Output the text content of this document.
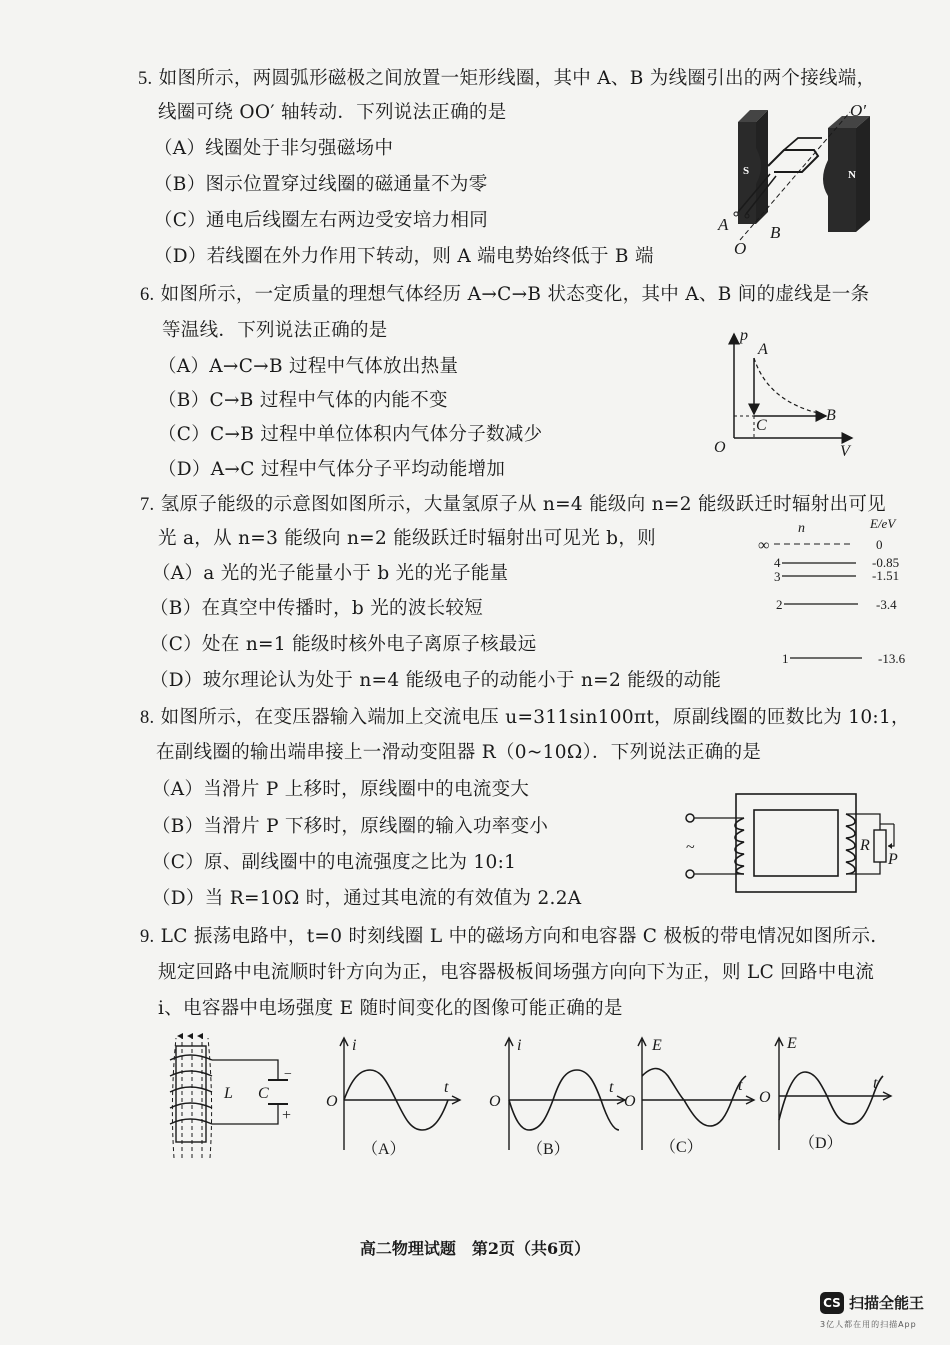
5. 如图所示，两圆弧形磁极之间放置一矩形线圈，其中 A、B 为线圈引出的两个接线端，
线圈可绕 OO′ 轴转动．下列说法正确的是
（A）线圈处于非匀强磁场中
（B）图示位置穿过线圈的磁通量不为零
（C）通电后线圈左右两边受安培力相同
（D）若线圈在外力作用下转动，则 A 端电势始终低于 B 端
6. 如图所示，一定质量的理想气体经历 A→C→B 状态变化，其中 A、B 间的虚线是一条
等温线．下列说法正确的是
（A）A→C→B 过程中气体放出热量
（B）C→B 过程中气体的内能不变
（C）C→B 过程中单位体积内气体分子数减少
（D）A→C 过程中气体分子平均动能增加
7. 氢原子能级的示意图如图所示，大量氢原子从 n=4 能级向 n=2 能级跃迁时辐射出可见
光 a，从 n=3 能级向 n=2 能级跃迁时辐射出可见光 b，则
（A）a 光的光子能量小于 b 光的光子能量
（B）在真空中传播时，b 光的波长较短
（C）处在 n=1 能级时核外电子离原子核最远
（D）玻尔理论认为处于 n=4 能级电子的动能小于 n=2 能级的动能
8. 如图所示，在变压器输入端加上交流电压 u=311sin100πt，原副线圈的匝数比为 10:1，
在副线圈的输出端串接上一滑动变阻器 R（0~10Ω）．下列说法正确的是
（A）当滑片 P 上移时，原线圈中的电流变大
（B）当滑片 P 下移时，原线圈的输入功率变小
（C）原、副线圈中的电流强度之比为 10:1
（D）当 R=10Ω 时，通过其电流的有效值为 2.2A
9. LC 振荡电路中，t=0 时刻线圈 L 中的磁场方向和电容器 C 极板的带电情况如图所示.
规定回路中电流顺时针方向为正，电容器极板间场强方向向下为正，则 LC 回路中电流
i、电容器中电场强度 E 随时间变化的图像可能正确的是
S	N
O′
A B
O
p
V
O
A
C
B
n	E/eV
∞	0
4	-0.85
3	-1.51
2	-3.4
1	-13.6
~	R
P
L C
−
+
i
t
O
（A）
i
t
O
（B）
E
t
O
（C）
E
t
O
（D）
高二物理试题　第2页（共6页）
CS 扫描全能王
3亿人都在用的扫描App
